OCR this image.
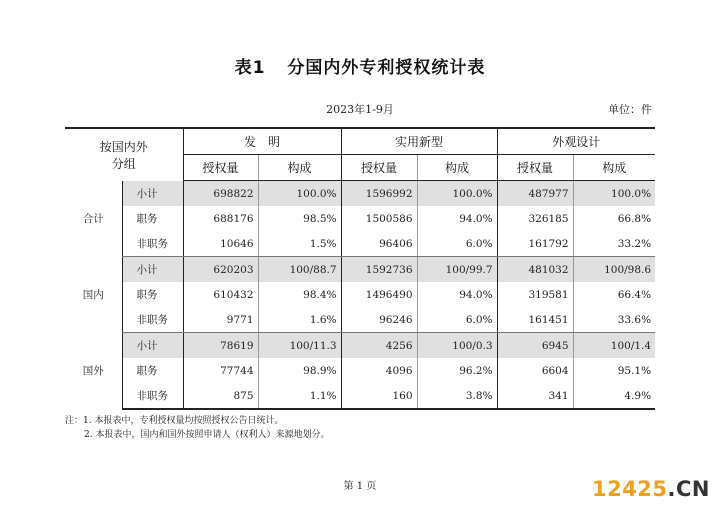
表1 分国内外专利授权统计表
2023年1-9月	单位：件
按国内外
分组		发　明		实用新型		外观设计	
		授权量	构成	授权量	构成	授权量	构成
合计	小计	698822	100.0%	1596992	100.0%	487977	100.0%
	职务	688176	98.5%	1500586	94.0%	326185	66.8%
	非职务	10646	1.5%	96406	6.0%	161792	33.2%
国内	小计	620203	100/88.7	1592736	100/99.7	481032	100/98.6
	职务	610432	98.4%	1496490	94.0%	319581	66.4%
	非职务	9771	1.6%	96246	6.0%	161451	33.6%
国外	小计	78619	100/11.3	4256	100/0.3	6945	100/1.4
	职务	77744	98.9%	4096	96.2%	6604	95.1%
	非职务	875	1.1%	160	3.8%	341	4.9%
注：1. 本报表中，专利授权量均按照授权公告日统计。
2. 本报表中，国内和国外按照申请人（权利人）来源地划分。
第 1 页	12425.CN
